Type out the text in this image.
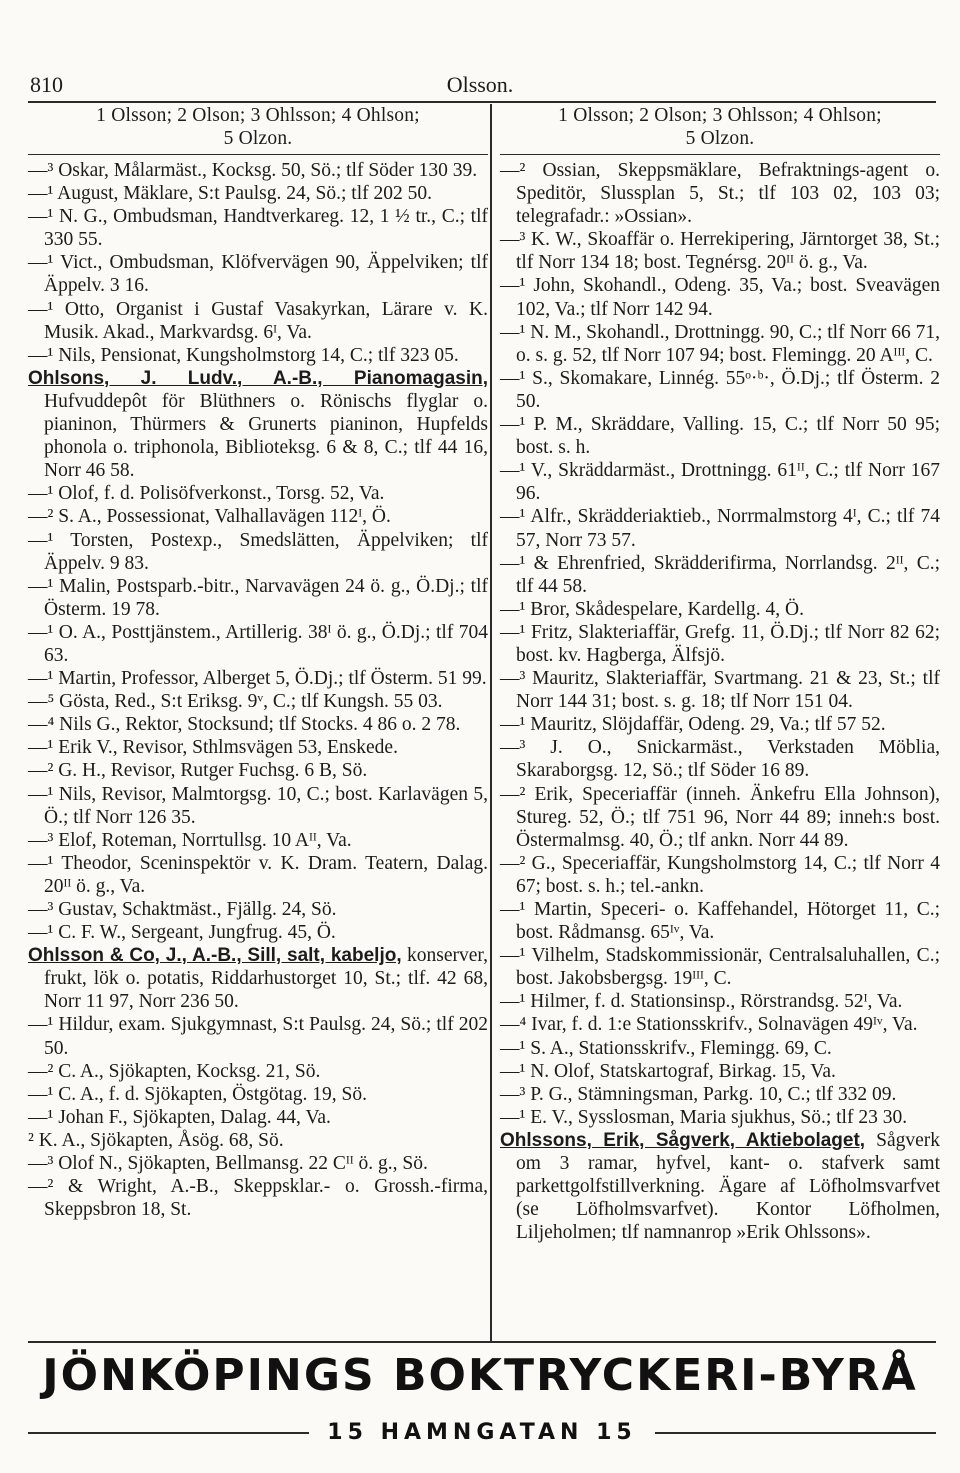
810	Olsson.
1 Olsson; 2 Olson; 3 Ohlsson; 4 Ohlson;
5 Olzon.
—³ Oskar, Målarmäst., Kocksg. 50, Sö.; tlf Söder 130 39.
—¹ August, Mäklare, S:t Paulsg. 24, Sö.; tlf 202 50.
—¹ N. G., Ombudsman, Handtverkareg. 12, 1 ½ tr., C.; tlf 330 55.
—¹ Vict., Ombudsman, Klöfvervägen 90, Äppelviken; tlf Äppelv. 3 16.
—¹ Otto, Organist i Gustaf Vasakyrkan, Lärare v. K. Musik. Akad., Markvardsg. 6ᴵ, Va.
—¹ Nils, Pensionat, Kungsholmstorg 14, C.; tlf 323 05.
Ohlsons, J. Ludv., A.-B., Pianomagasin, Hufvuddepôt för Blüthners o. Rönischs flyglar o. pianinon, Thürmers & Grunerts pianinon, Hupfelds phonola o. triphonola, Biblioteksg. 6 & 8, C.; tlf 44 16, Norr 46 58.
—¹ Olof, f. d. Polisöfverkonst., Torsg. 52, Va.
—² S. A., Possessionat, Valhallavägen 112ᴵ, Ö.
—¹ Torsten, Postexp., Smedslätten, Äppelviken; tlf Äppelv. 9 83.
—¹ Malin, Postsparb.-bitr., Narvavägen 24 ö. g., Ö.Dj.; tlf Österm. 19 78.
—¹ O. A., Posttjänstem., Artillerig. 38ᴵ ö. g., Ö.Dj.; tlf 704 63.
—¹ Martin, Professor, Alberget 5, Ö.Dj.; tlf Österm. 51 99.
—⁵ Gösta, Red., S:t Eriksg. 9ᵛ, C.; tlf Kungsh. 55 03.
—⁴ Nils G., Rektor, Stocksund; tlf Stocks. 4 86 o. 2 78.
—¹ Erik V., Revisor, Sthlmsvägen 53, Enskede.
—² G. H., Revisor, Rutger Fuchsg. 6 B, Sö.
—¹ Nils, Revisor, Malmtorgsg. 10, C.; bost. Karlavägen 5, Ö.; tlf Norr 126 35.
—³ Elof, Roteman, Norrtullsg. 10 Aᴵᴵ, Va.
—¹ Theodor, Sceninspektör v. K. Dram. Teatern, Dalag. 20ᴵᴵ ö. g., Va.
—³ Gustav, Schaktmäst., Fjällg. 24, Sö.
—¹ C. F. W., Sergeant, Jungfrug. 45, Ö.
Ohlsson & Co, J., A.-B., Sill, salt, kabeljo, konserver, frukt, lök o. potatis, Riddarhustorget 10, St.; tlf. 42 68, Norr 11 97, Norr 236 50.
—¹ Hildur, exam. Sjukgymnast, S:t Paulsg. 24, Sö.; tlf 202 50.
—² C. A., Sjökapten, Kocksg. 21, Sö.
—¹ C. A., f. d. Sjökapten, Östgötag. 19, Sö.
—¹ Johan F., Sjökapten, Dalag. 44, Va.
² K. A., Sjökapten, Åsög. 68, Sö.
—³ Olof N., Sjökapten, Bellmansg. 22 Cᴵᴵ ö. g., Sö.
—² & Wright, A.-B., Skeppsklar.- o. Grossh.-firma, Skeppsbron 18, St.
1 Olsson; 2 Olson; 3 Ohlsson; 4 Ohlson;
5 Olzon.
—² Ossian, Skeppsmäklare, Befraktnings-agent o. Speditör, Slussplan 5, St.; tlf 103 02, 103 03; telegrafadr.: »Ossian».
—³ K. W., Skoaffär o. Herrekipering, Järntorget 38, St.; tlf Norr 134 18; bost. Tegnérsg. 20ᴵᴵ ö. g., Va.
—¹ John, Skohandl., Odeng. 35, Va.; bost. Sveavägen 102, Va.; tlf Norr 142 94.
—¹ N. M., Skohandl., Drottningg. 90, C.; tlf Norr 66 71, o. s. g. 52, tlf Norr 107 94; bost. Flemingg. 20 Aᴵᴵᴵ, C.
—¹ S., Skomakare, Linnég. 55ᵒ·ᵇ·, Ö.Dj.; tlf Österm. 2 50.
—¹ P. M., Skräddare, Valling. 15, C.; tlf Norr 50 95; bost. s. h.
—¹ V., Skräddarmäst., Drottningg. 61ᴵᴵ, C.; tlf Norr 167 96.
—¹ Alfr., Skrädderiaktieb., Norrmalmstorg 4ᴵ, C.; tlf 74 57, Norr 73 57.
—¹ & Ehrenfried, Skrädderifirma, Norrlandsg. 2ᴵᴵ, C.; tlf 44 58.
—¹ Bror, Skådespelare, Kardellg. 4, Ö.
—¹ Fritz, Slakteriaffär, Grefg. 11, Ö.Dj.; tlf Norr 82 62; bost. kv. Hagberga, Älfsjö.
—³ Mauritz, Slakteriaffär, Svartmang. 21 & 23, St.; tlf Norr 144 31; bost. s. g. 18; tlf Norr 151 04.
—¹ Mauritz, Slöjdaffär, Odeng. 29, Va.; tlf 57 52.
—³ J. O., Snickarmäst., Verkstaden Möblia, Skaraborgsg. 12, Sö.; tlf Söder 16 89.
—² Erik, Speceriaffär (inneh. Änkefru Ella Johnson), Stureg. 52, Ö.; tlf 751 96, Norr 44 89; inneh:s bost. Östermalmsg. 40, Ö.; tlf ankn. Norr 44 89.
—² G., Speceriaffär, Kungsholmstorg 14, C.; tlf Norr 4 67; bost. s. h.; tel.-ankn.
—¹ Martin, Speceri- o. Kaffehandel, Hötorget 11, C.; bost. Rådmansg. 65ᴵᵛ, Va.
—¹ Vilhelm, Stadskommissionär, Centralsaluhallen, C.; bost. Jakobsbergsg. 19ᴵᴵᴵ, C.
—¹ Hilmer, f. d. Stationsinsp., Rörstrandsg. 52ᴵ, Va.
—⁴ Ivar, f. d. 1:e Stationsskrifv., Solnavägen 49ᴵᵛ, Va.
—¹ S. A., Stationsskrifv., Flemingg. 69, C.
—¹ N. Olof, Statskartograf, Birkag. 15, Va.
—³ P. G., Stämningsman, Parkg. 10, C.; tlf 332 09.
—¹ E. V., Sysslosman, Maria sjukhus, Sö.; tlf 23 30.
Ohlssons, Erik, Sågverk, Aktiebolaget, Sågverk om 3 ramar, hyfvel, kant- o. stafverk samt parkettgolfstillverkning. Ägare af Löfholmsvarfvet (se Löfholmsvarfvet). Kontor Löfholmen, Liljeholmen; tlf namnanrop »Erik Ohlssons».
JÖNKÖPINGS BOKTRYCKERI-BYRÅ
15 HAMNGATAN 15
